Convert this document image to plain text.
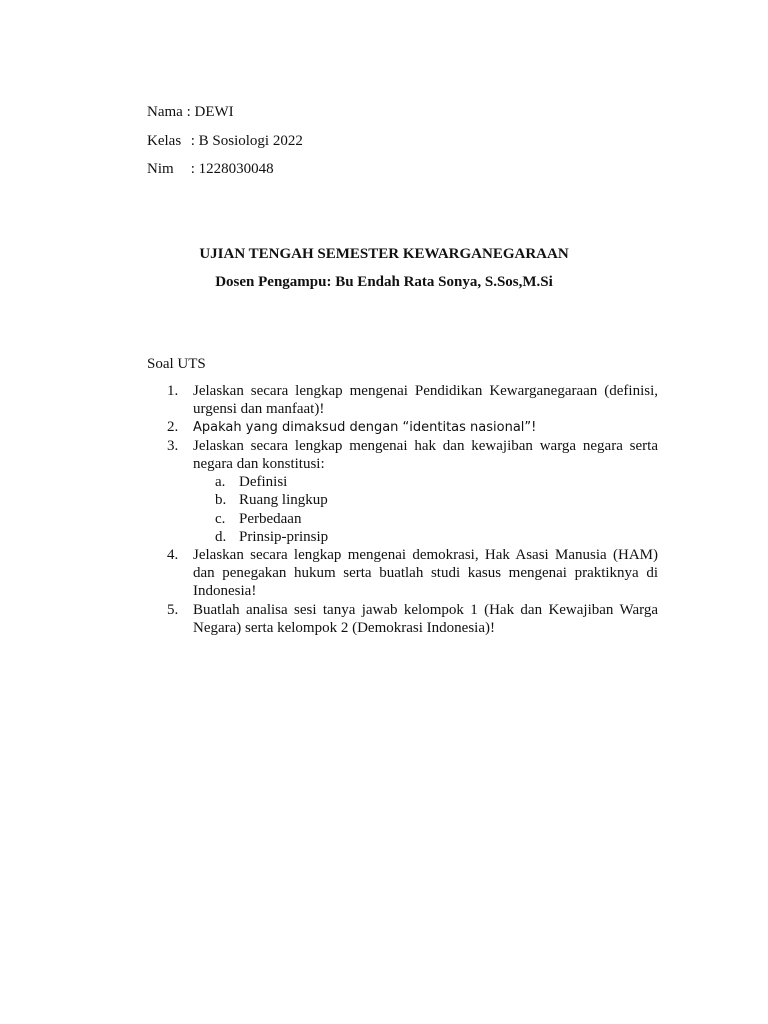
Nama : DEWI
Kelas : B Sosiologi 2022
Nim : 1228030048
UJIAN TENGAH SEMESTER KEWARGANEGARAAN
Dosen Pengampu: Bu Endah Rata Sonya, S.Sos,M.Si
Soal UTS
1. Jelaskan secara lengkap mengenai Pendidikan Kewarganegaraan (definisi,
urgensi dan manfaat)!
2. Apakah yang dimaksud dengan “identitas nasional”!
3. Jelaskan secara lengkap mengenai hak dan kewajiban warga negara serta
negara dan konstitusi:
a. Definisi
b. Ruang lingkup
c. Perbedaan
d. Prinsip-prinsip
4. Jelaskan secara lengkap mengenai demokrasi, Hak Asasi Manusia (HAM)
dan penegakan hukum serta buatlah studi kasus mengenai praktiknya di
Indonesia!
5. Buatlah analisa sesi tanya jawab kelompok 1 (Hak dan Kewajiban Warga
Negara) serta kelompok 2 (Demokrasi Indonesia)!
